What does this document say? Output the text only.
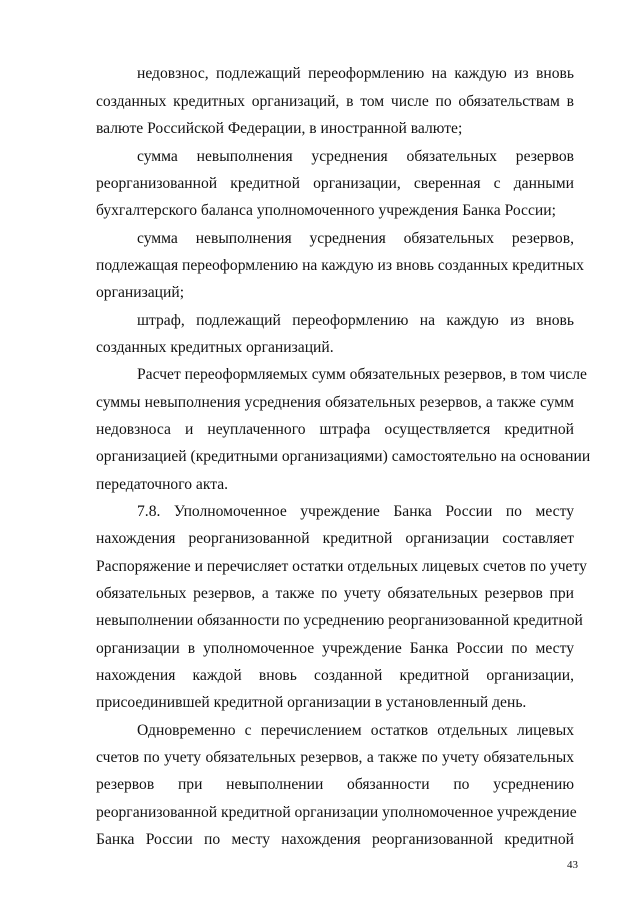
недовзнос, подлежащий переоформлению на каждую из вновь
созданных кредитных организаций, в том числе по обязательствам в
валюте Российской Федерации, в иностранной валюте;
сумма невыполнения усреднения обязательных резервов
реорганизованной кредитной организации, сверенная с данными
бухгалтерского баланса уполномоченного учреждения Банка России;
сумма невыполнения усреднения обязательных резервов,
подлежащая переоформлению на каждую из вновь созданных кредитных
организаций;
штраф, подлежащий переоформлению на каждую из вновь
созданных кредитных организаций.
Расчет переоформляемых сумм обязательных резервов, в том числе
суммы невыполнения усреднения обязательных резервов, а также сумм
недовзноса и неуплаченного штрафа осуществляется кредитной
организацией (кредитными организациями) самостоятельно на основании
передаточного акта.
7.8. Уполномоченное учреждение Банка России по месту
нахождения реорганизованной кредитной организации составляет
Распоряжение и перечисляет остатки отдельных лицевых счетов по учету
обязательных резервов, а также по учету обязательных резервов при
невыполнении обязанности по усреднению реорганизованной кредитной
организации в уполномоченное учреждение Банка России по месту
нахождения каждой вновь созданной кредитной организации,
присоединившей кредитной организации в установленный день.
Одновременно с перечислением остатков отдельных лицевых
счетов по учету обязательных резервов, а также по учету обязательных
резервов при невыполнении обязанности по усреднению
реорганизованной кредитной организации уполномоченное учреждение
Банка России по месту нахождения реорганизованной кредитной
43
